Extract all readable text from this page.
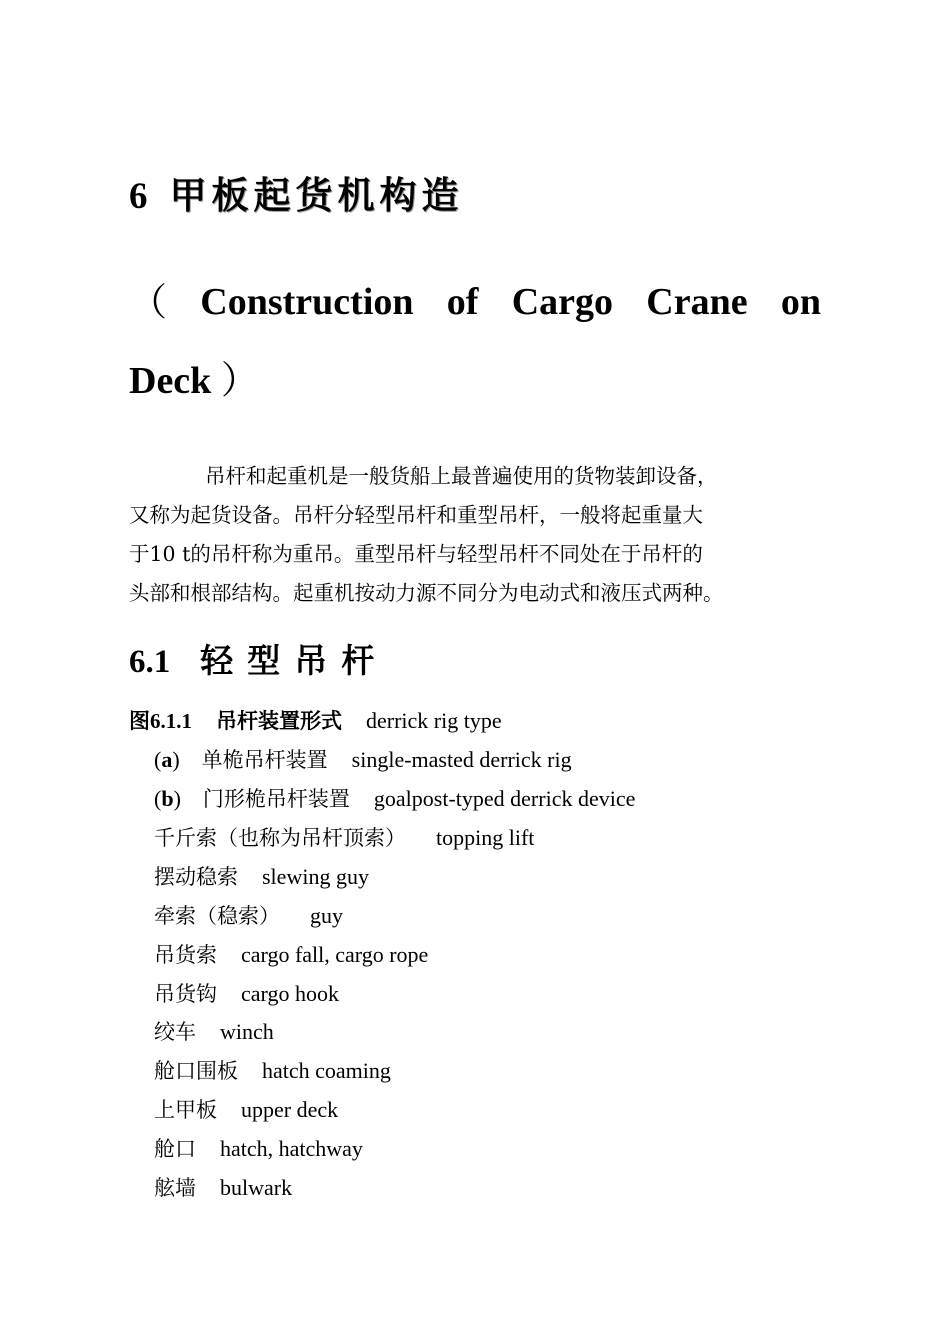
6 甲板起货机构造
（ Construction of Cargo Crane on
Deck ）
吊杆和起重机是一般货船上最普遍使用的货物装卸设备，
又称为起货设备。吊杆分轻型吊杆和重型吊杆，一般将起重量大
于10 t的吊杆称为重吊。重型吊杆与轻型吊杆不同处在于吊杆的
头部和根部结构。起重机按动力源不同分为电动式和液压式两种。
6.1 轻型吊杆
图6.1.1 吊杆装置形式 derrick rig type
(a) 单桅吊杆装置 single-masted derrick rig
(b) 门形桅吊杆装置 goalpost-typed derrick device
千斤索（也称为吊杆顶索） topping lift
摆动稳索 slewing guy
牵索（稳索） guy
吊货索 cargo fall, cargo rope
吊货钩 cargo hook
绞车 winch
舱口围板 hatch coaming
上甲板 upper deck
舱口 hatch, hatchway
舷墙 bulwark
